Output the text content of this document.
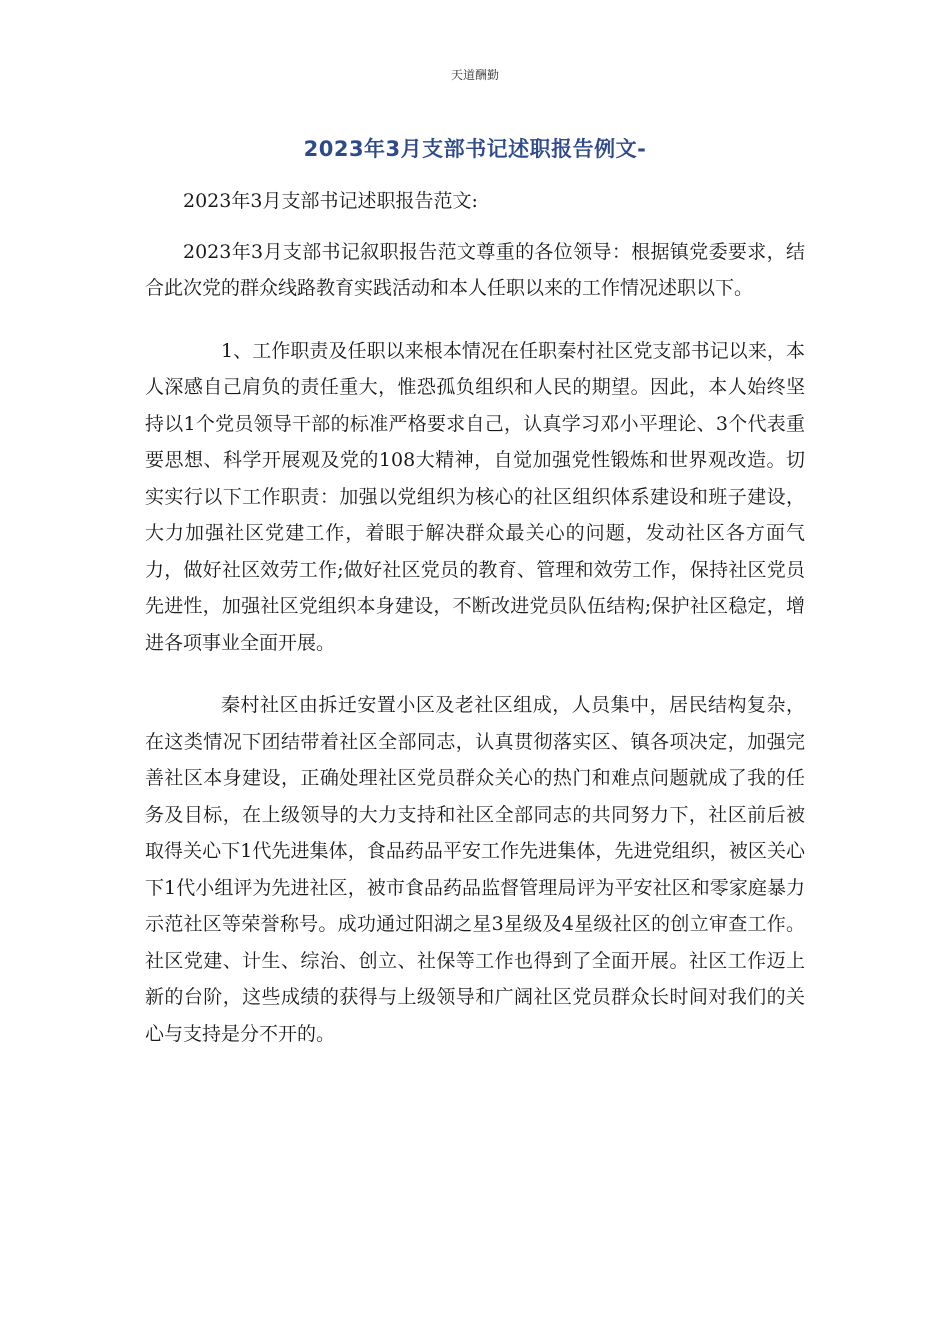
天道酬勤
2023年3月支部书记述职报告例文-

2023年3月支部书记述职报告范文:

2023年3月支部书记叙职报告范文尊重的各位领导：根据镇党委要求，结合此次党的群众线路教育实践活动和本人任职以来的工作情况述职以下。

1、工作职责及任职以来根本情况在任职秦村社区党支部书记以来，本人深感自己肩负的责任重大，惟恐孤负组织和人民的期望。因此，本人始终坚持以1个党员领导干部的标准严格要求自己，认真学习邓小平理论、3个代表重要思想、科学开展观及党的108大精神，自觉加强党性锻炼和世界观改造。切实实行以下工作职责：加强以党组织为核心的社区组织体系建设和班子建设，大力加强社区党建工作，着眼于解决群众最关心的问题，发动社区各方面气力，做好社区效劳工作;做好社区党员的教育、管理和效劳工作，保持社区党员先进性，加强社区党组织本身建设，不断改进党员队伍结构;保护社区稳定，增进各项事业全面开展。

秦村社区由拆迁安置小区及老社区组成，人员集中，居民结构复杂，在这类情况下团结带着社区全部同志，认真贯彻落实区、镇各项决定，加强完善社区本身建设，正确处理社区党员群众关心的热门和难点问题就成了我的任务及目标，在上级领导的大力支持和社区全部同志的共同努力下，社区前后被取得关心下1代先进集体，食品药品平安工作先进集体，先进党组织，被区关心下1代小组评为先进社区，被市食品药品监督管理局评为平安社区和零家庭暴力示范社区等荣誉称号。成功通过阳湖之星3星级及4星级社区的创立审查工作。社区党建、计生、综治、创立、社保等工作也得到了全面开展。社区工作迈上新的台阶，这些成绩的获得与上级领导和广阔社区党员群众长时间对我们的关心与支持是分不开的。
